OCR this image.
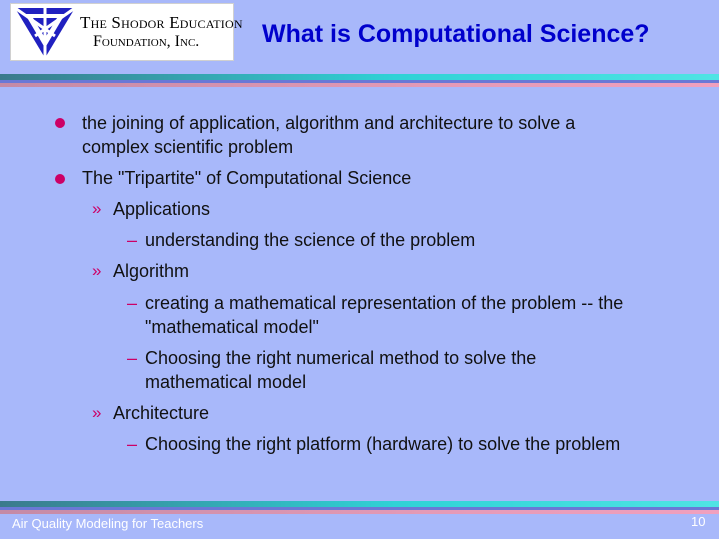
The Shodor Education
Foundation, Inc.	What is Computational Science?
the joining of application, algorithm and architecture to solve a
complex scientific problem
The "Tripartite" of Computational Science
» Applications
– understanding the science of the problem
» Algorithm
– creating a mathematical representation of the problem -- the
"mathematical model"
– Choosing the right numerical method to solve the
mathematical model
» Architecture
– Choosing the right platform (hardware) to solve the problem
Air Quality Modeling for Teachers	10
